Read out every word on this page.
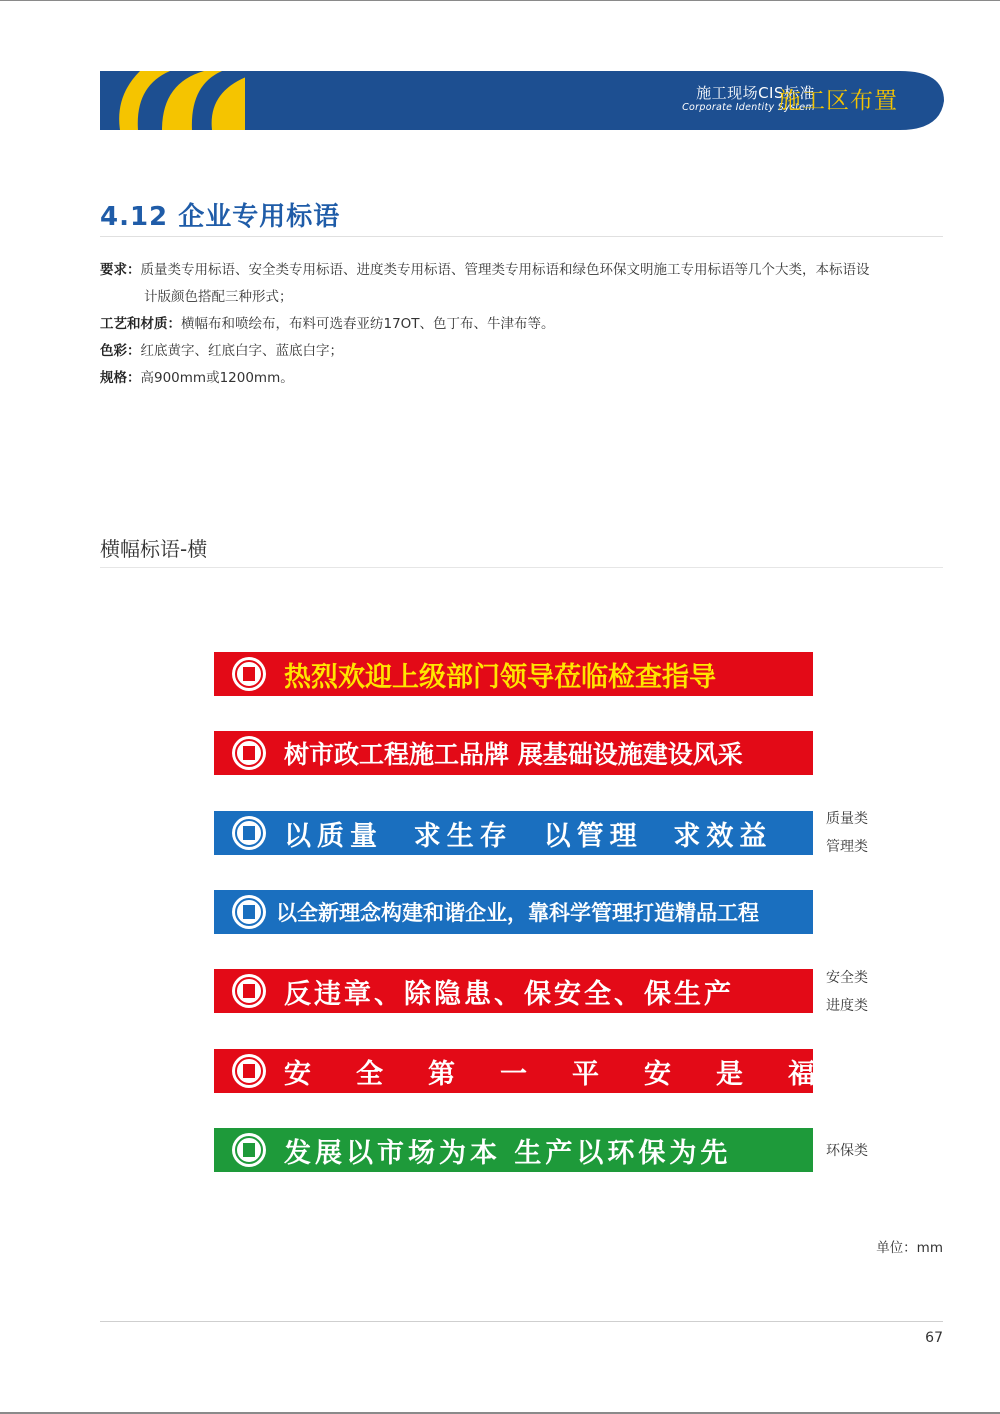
施工现场CIS标准
Corporate Identity System
施工区布置
4.12 企业专用标语
要求：质量类专用标语、安全类专用标语、进度类专用标语、管理类专用标语和绿色环保文明施工专用标语等几个大类，本标语设
计版颜色搭配三种形式；
工艺和材质：横幅布和喷绘布，布料可选春亚纺17OT、色丁布、牛津布等。
色彩：红底黄字、红底白字、蓝底白字；
规格：高900mm或1200mm。
横幅标语-横
热烈欢迎上级部门领导莅临检查指导
树市政工程施工品牌 展基础设施建设风采
以质量  求生存  以管理  求效益
以全新理念构建和谐企业，靠科学管理打造精品工程
反违章、除隐患、保安全、保生产
安全第一平安是福
发展以市场为本 生产以环保为先
质量类
管理类
安全类
进度类
环保类
单位：mm
67
